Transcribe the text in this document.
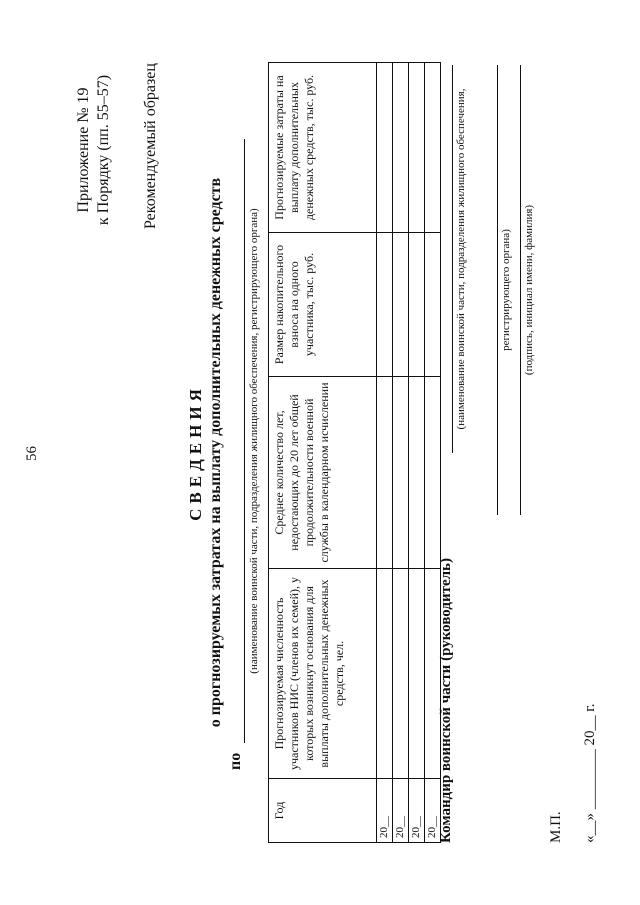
56
Приложение № 19 к Порядку (пп. 55–57) Рекомендуемый образец
СВЕДЕНИЯ о прогнозируемых затратах на выплату дополнительных денежных средств
по
(наименование воинской части, подразделения жилищного обеспечения, регистрирующего органа)
Год	Прогнозируемая численность участников НИС (членов их семей), у которых возникнут основания для выплаты дополнительных денежных средств, чел.	Среднее количество лет, недостающих до 20 лет общей продолжительности военной службы в календарном исчислении	Размер накопительного взноса на одного участника, тыс. руб.	Прогнозируемые затраты на выплату дополнительных денежных средств, тыс. руб.
20__				
20__				
20__				
20__				Командир воинской части (руководитель)
(наименование воинской части, подразделения жилищного обеспечения,	регистрирующего органа) (подпись, инициал имени, фамилия)
М.П. «__» ________ 20__ г.
